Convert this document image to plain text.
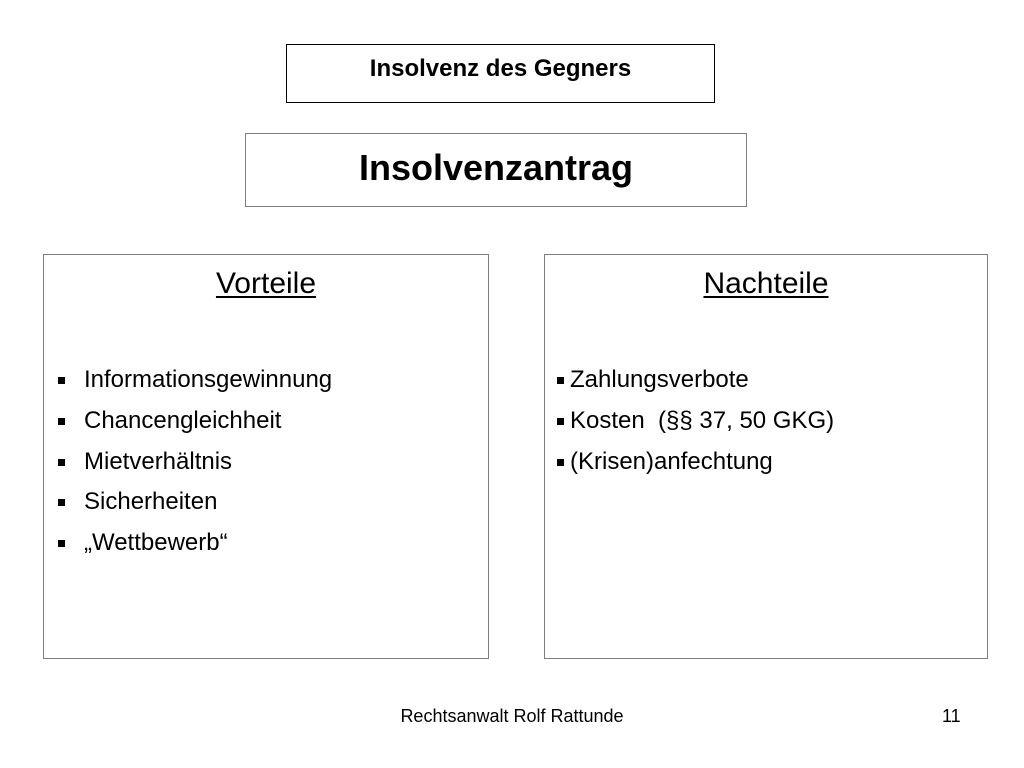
Insolvenz des Gegners
Insolvenzantrag
Vorteile
Informationsgewinnung
Chancengleichheit
Mietverhältnis
Sicherheiten
„Wettbewerb“
Nachteile
Zahlungsverbote
Kosten  (§§ 37, 50 GKG)
(Krisen)anfechtung
Rechtsanwalt Rolf Rattunde	11
